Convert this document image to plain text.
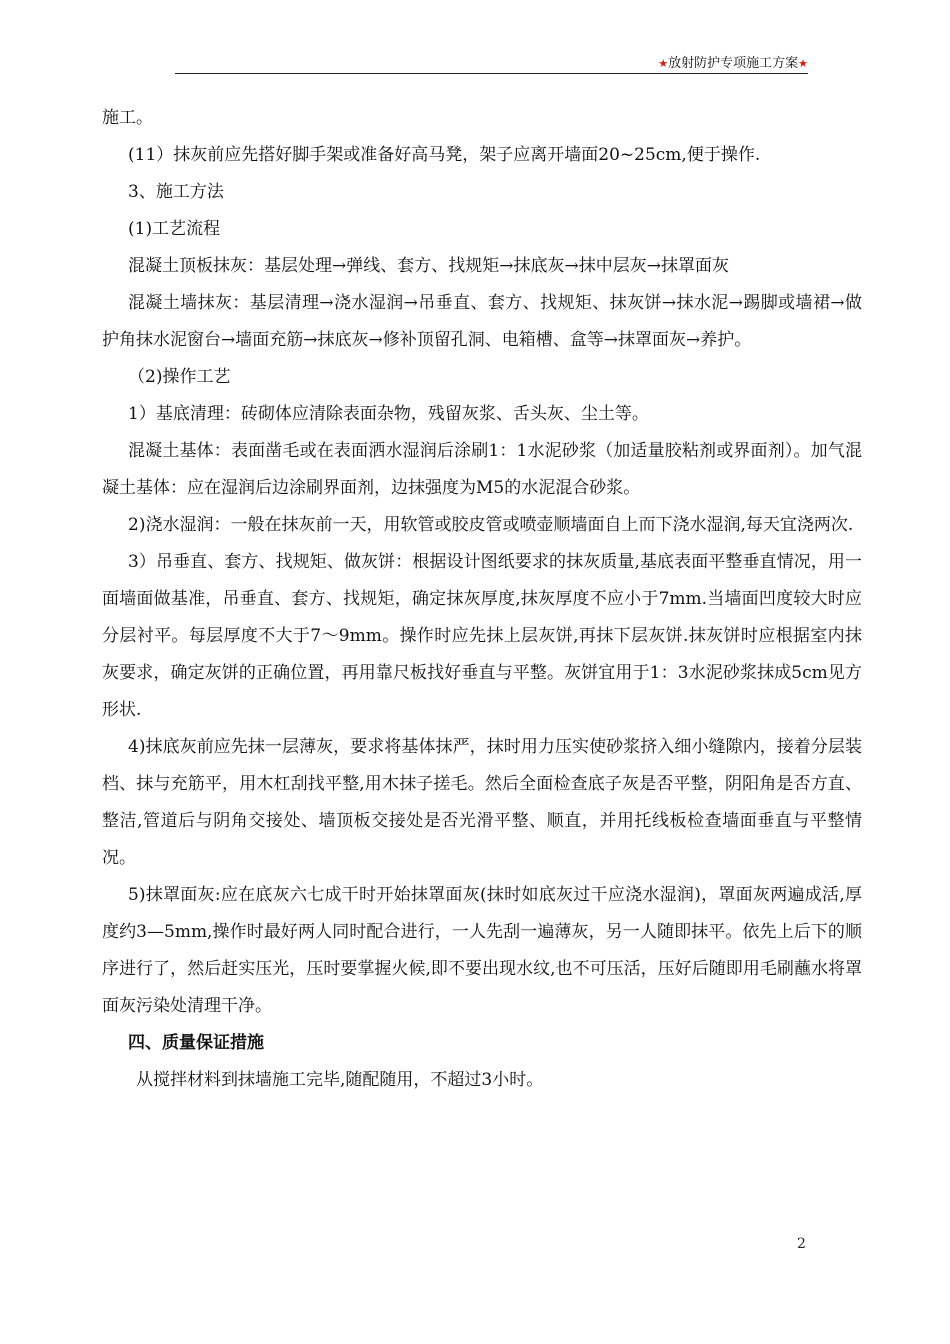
★放射防护专项施工方案★

施工。

(11）抹灰前应先搭好脚手架或准备好高马凳，架子应离开墙面20~25cm,便于操作.

3、施工方法

(1)工艺流程

混凝土顶板抹灰：基层处理→弹线、套方、找规矩→抹底灰→抹中层灰→抹罩面灰

混凝土墙抹灰：基层清理→浇水湿润→吊垂直、套方、找规矩、抹灰饼→抹水泥→踢脚或墙裙→做护角抹水泥窗台→墙面充筋→抹底灰→修补顶留孔洞、电箱槽、盒等→抹罩面灰→养护。

（2)操作工艺

1）基底清理：砖砌体应清除表面杂物，残留灰浆、舌头灰、尘土等。

混凝土基体：表面凿毛或在表面洒水湿润后涂刷1：1水泥砂浆（加适量胶粘剂或界面剂）。加气混凝土基体：应在湿润后边涂刷界面剂，边抹强度为M5的水泥混合砂浆。

2)浇水湿润：一般在抹灰前一天，用软管或胶皮管或喷壶顺墙面自上而下浇水湿润,每天宜浇两次.

3）吊垂直、套方、找规矩、做灰饼：根据设计图纸要求的抹灰质量,基底表面平整垂直情况，用一面墙面做基准，吊垂直、套方、找规矩，确定抹灰厚度,抹灰厚度不应小于7mm.当墙面凹度较大时应分层衬平。每层厚度不大于7～9mm。操作时应先抹上层灰饼,再抹下层灰饼.抹灰饼时应根据室内抹灰要求，确定灰饼的正确位置，再用靠尺板找好垂直与平整。灰饼宜用于1：3水泥砂浆抹成5cm见方形状.

4)抹底灰前应先抹一层薄灰，要求将基体抹严，抹时用力压实使砂浆挤入细小缝隙内，接着分层装档、抹与充筋平，用木杠刮找平整,用木抹子搓毛。然后全面检查底子灰是否平整，阴阳角是否方直、整洁,管道后与阴角交接处、墙顶板交接处是否光滑平整、顺直，并用托线板检查墙面垂直与平整情况。

5)抹罩面灰:应在底灰六七成干时开始抹罩面灰(抹时如底灰过干应浇水湿润)，罩面灰两遍成活,厚度约3—5mm,操作时最好两人同时配合进行，一人先刮一遍薄灰，另一人随即抹平。依先上后下的顺序进行了，然后赶实压光，压时要掌握火候,即不要出现水纹,也不可压活，压好后随即用毛刷蘸水将罩面灰污染处清理干净。

四、质量保证措施

从搅拌材料到抹墙施工完毕,随配随用，不超过3小时。

2
